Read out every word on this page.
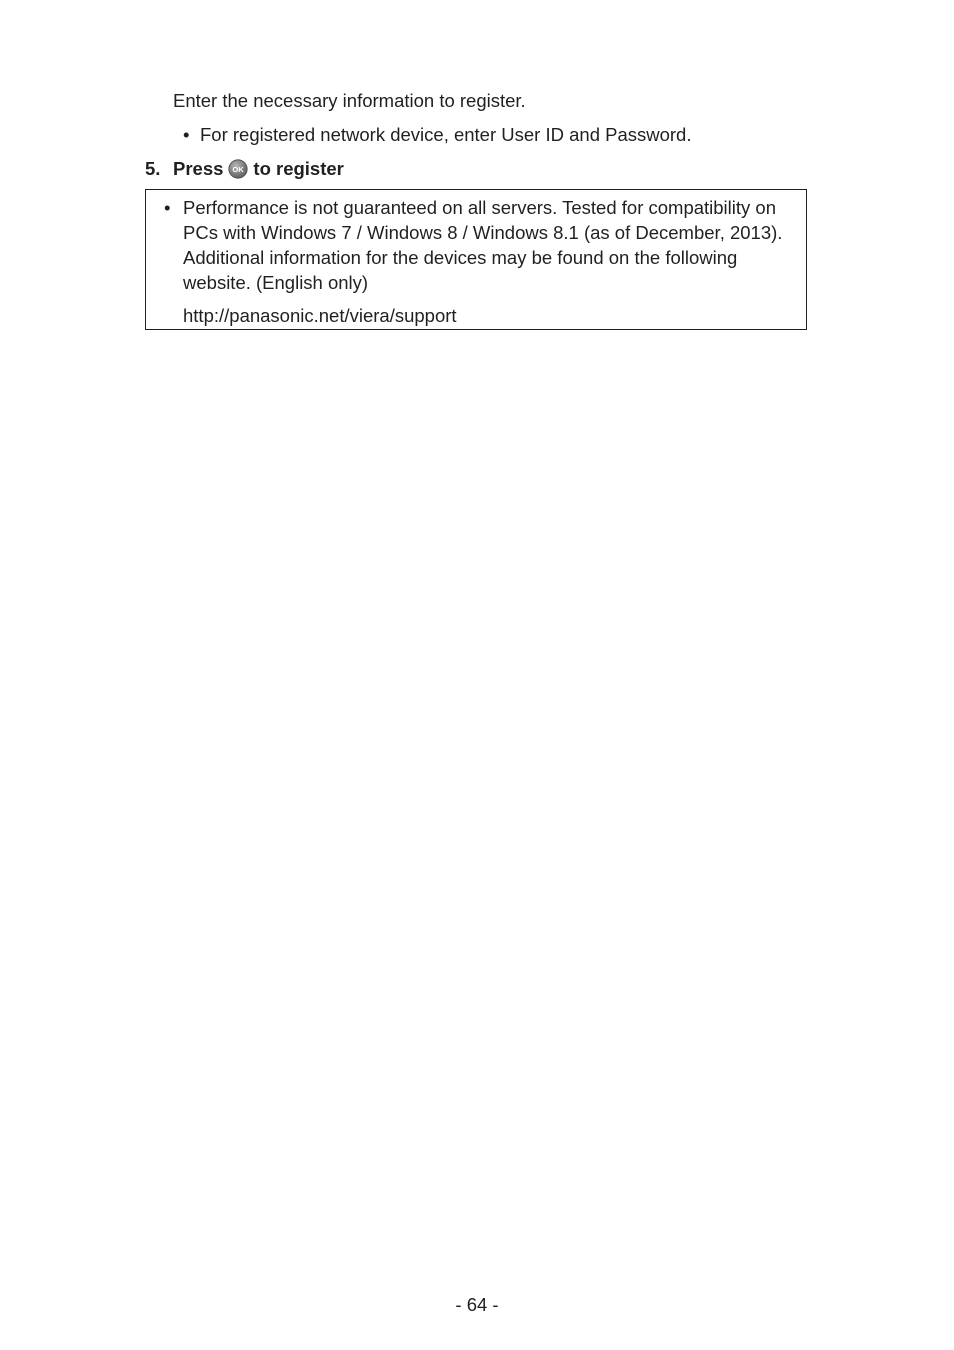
Enter the necessary information to register.

• For registered network device, enter User ID and Password.
5. Press OK to register
• Performance is not guaranteed on all servers. Tested for compatibility on PCs with Windows 7 / Windows 8 / Windows 8.1 (as of December, 2013). Additional information for the devices may be found on the following website. (English only)
http://panasonic.net/viera/support
- 64 -
